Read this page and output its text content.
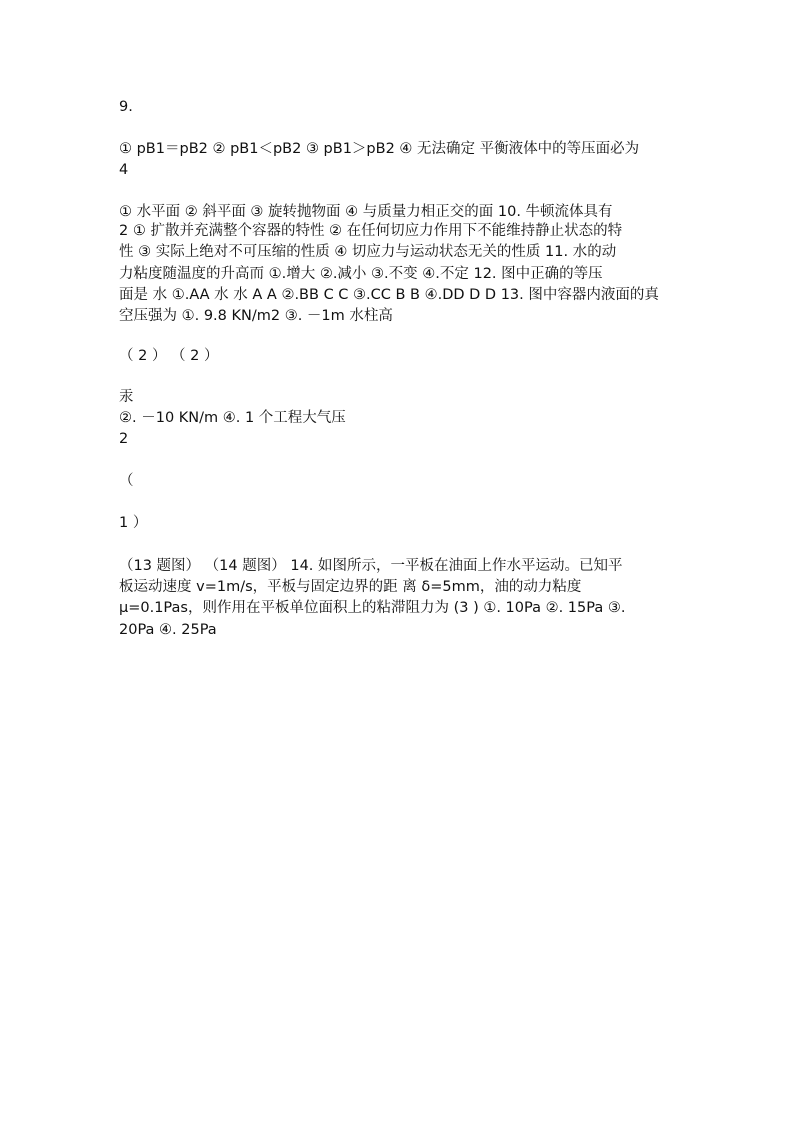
9.
① pB1＝pB2 ② pB1＜pB2 ③ pB1＞pB2 ④ 无法确定 平衡液体中的等压面必为
4
① 水平面 ② 斜平面 ③ 旋转抛物面 ④ 与质量力相正交的面 10. 牛顿流体具有
2 ① 扩散并充满整个容器的特性 ② 在任何切应力作用下不能维持静止状态的特
性 ③ 实际上绝对不可压缩的性质 ④ 切应力与运动状态无关的性质 11. 水的动
力粘度随温度的升高而 ①.增大 ②.减小 ③.不变 ④.不定 12. 图中正确的等压
面是 水 ①.AA 水 水 A A ②.BB C C ③.CC B B ④.DD D D 13. 图中容器内液面的真
空压强为 ①. 9.8 KN/m2 ③. －1m 水柱高
（ 2 ） （ 2 ）
汞
②. －10 KN/m ④. 1 个工程大气压
2
（
1 ）
（13 题图） （14 题图） 14. 如图所示，一平板在油面上作水平运动。已知平
板运动速度 v=1m/s，平板与固定边界的距 离 δ=5mm，油的动力粘度
μ=0.1Pas，则作用在平板单位面积上的粘滞阻力为 (3 ) ①. 10Pa ②. 15Pa ③.
20Pa ④. 25Pa
